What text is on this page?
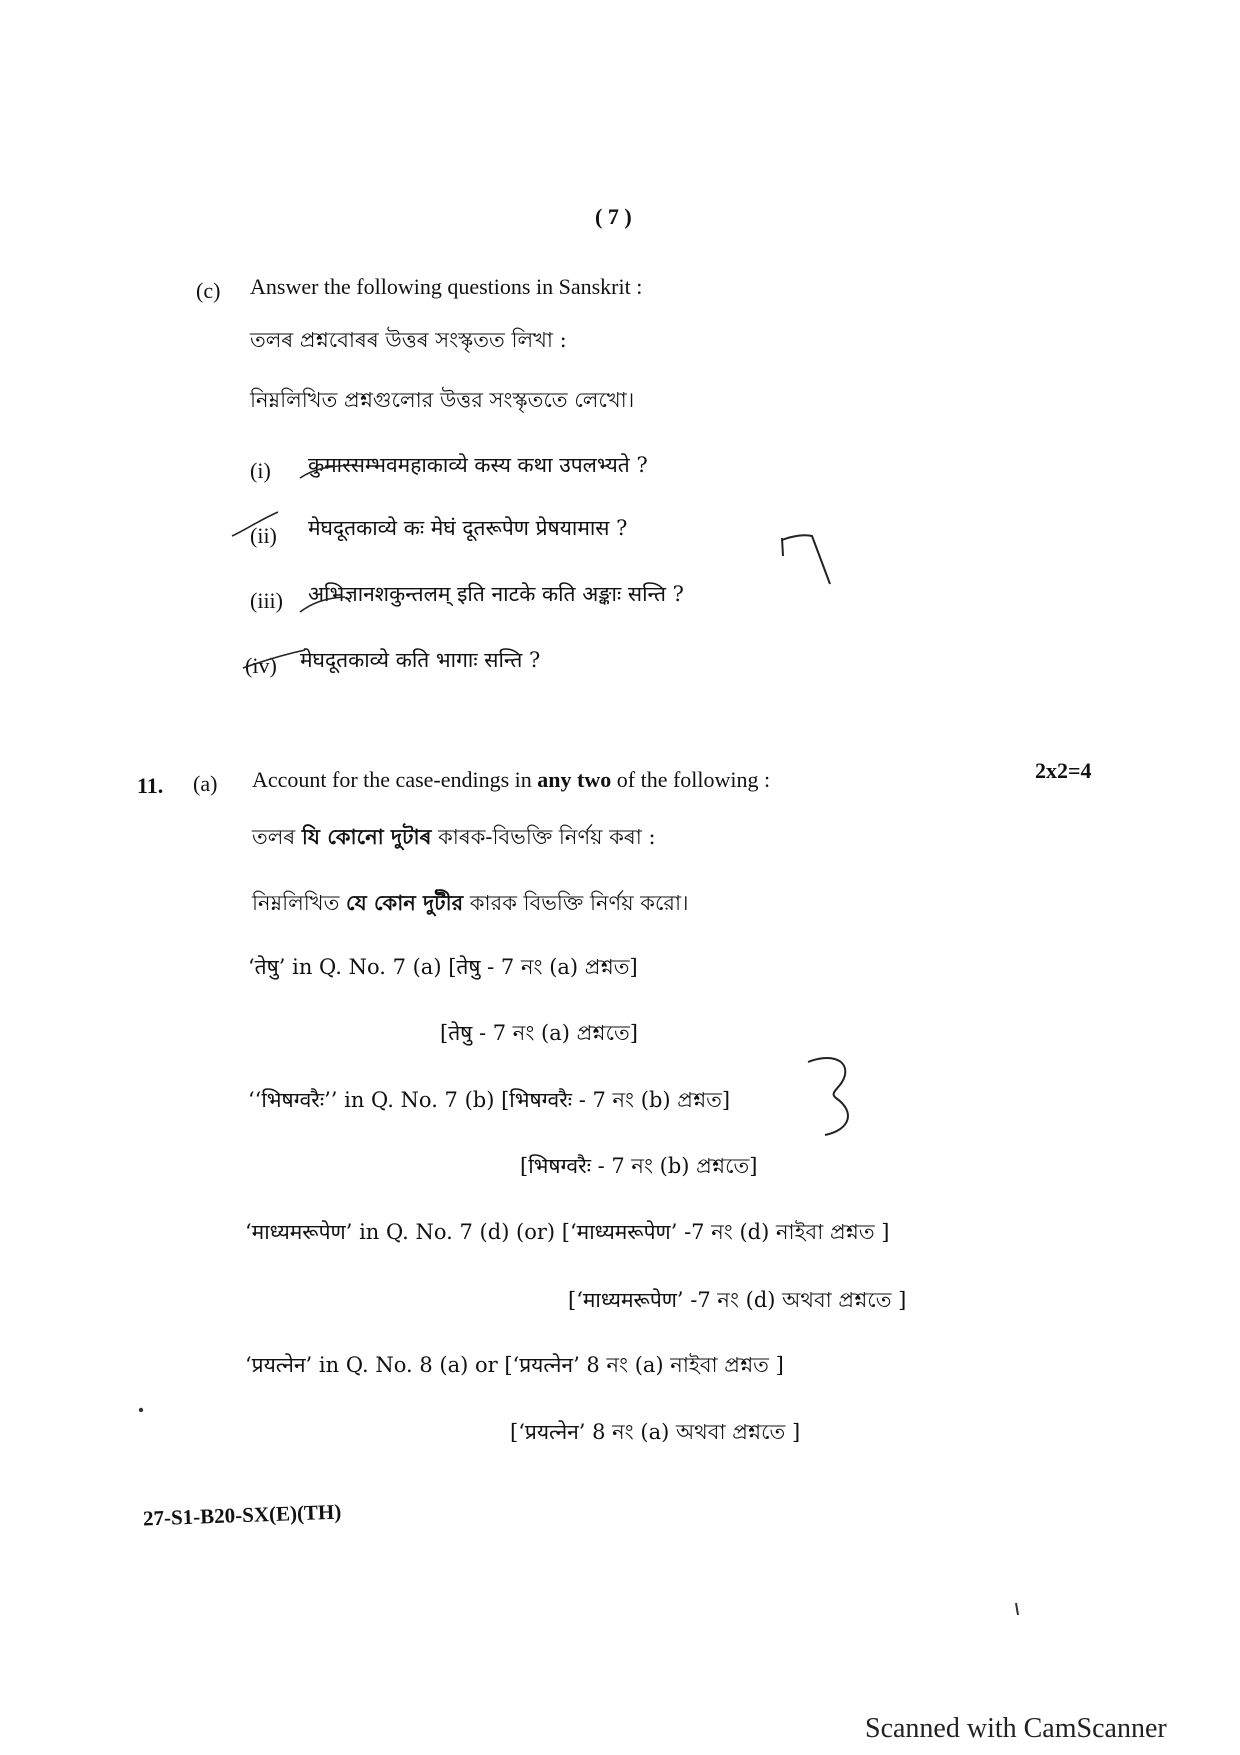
( 7 )
(c) Answer the following questions in Sanskrit :
তলৰ প্ৰশ্নবোৰৰ উত্তৰ সংস্কৃতত লিখা :
নিম্নলিখিত প্রশ্নগুলোর উত্তর সংস্কৃততে লেখো।
(i) कुमारसम्भवमहाकाव्ये कस्य कथा उपलभ्यते ?
(ii) मेघदूतकाव्ये कः मेघं दूतरूपेण प्रेषयामास ?
(iii) अभिज्ञानशकुन्तलम् इति नाटके कति अङ्काः सन्ति ?
(iv) मेघदूतकाव्ये कति भागाः सन्ति ?
11. (a)
2x2=4
Account for the case-endings in any two of the following :
তলৰ যি কোনো দুটাৰ কাৰক-বিভক্তি নিৰ্ণয় কৰা :
নিম্নলিখিত যে কোন দুটীর কারক বিভক্তি নির্ণয় করো।
‘तेषु’ in Q. No. 7 (a) [तेषु - 7 নং (a) প্ৰশ্নত]
[तेषु - 7 নং (a) প্রশ্নতে]
‘‘भिषग्वरैः’’ in Q. No. 7 (b) [भिषग्वरैः - 7 নং (b) প্ৰশ্নত]
[भिषग्वरैः - 7 নং (b) প্রশ্নতে]
‘माध्यमरूपेण’ in Q. No. 7 (d) (or) [‘माध्यमरूपेण’ -7 নং (d) নাইবা প্ৰশ্নত ]
[‘माध्यमरूपेण’ -7 নং (d) অথবা প্রশ্নতে ]
‘प्रयत्नेन’ in Q. No. 8 (a) or [‘प्रयत्नेन’ 8 নং (a) নাইবা প্ৰশ্নত ]
[‘प्रयत्नेन’ 8 নং (a) অথবা প্রশ্নতে ]
27-S1-B20-SX(E)(TH)
Scanned with CamScanner
